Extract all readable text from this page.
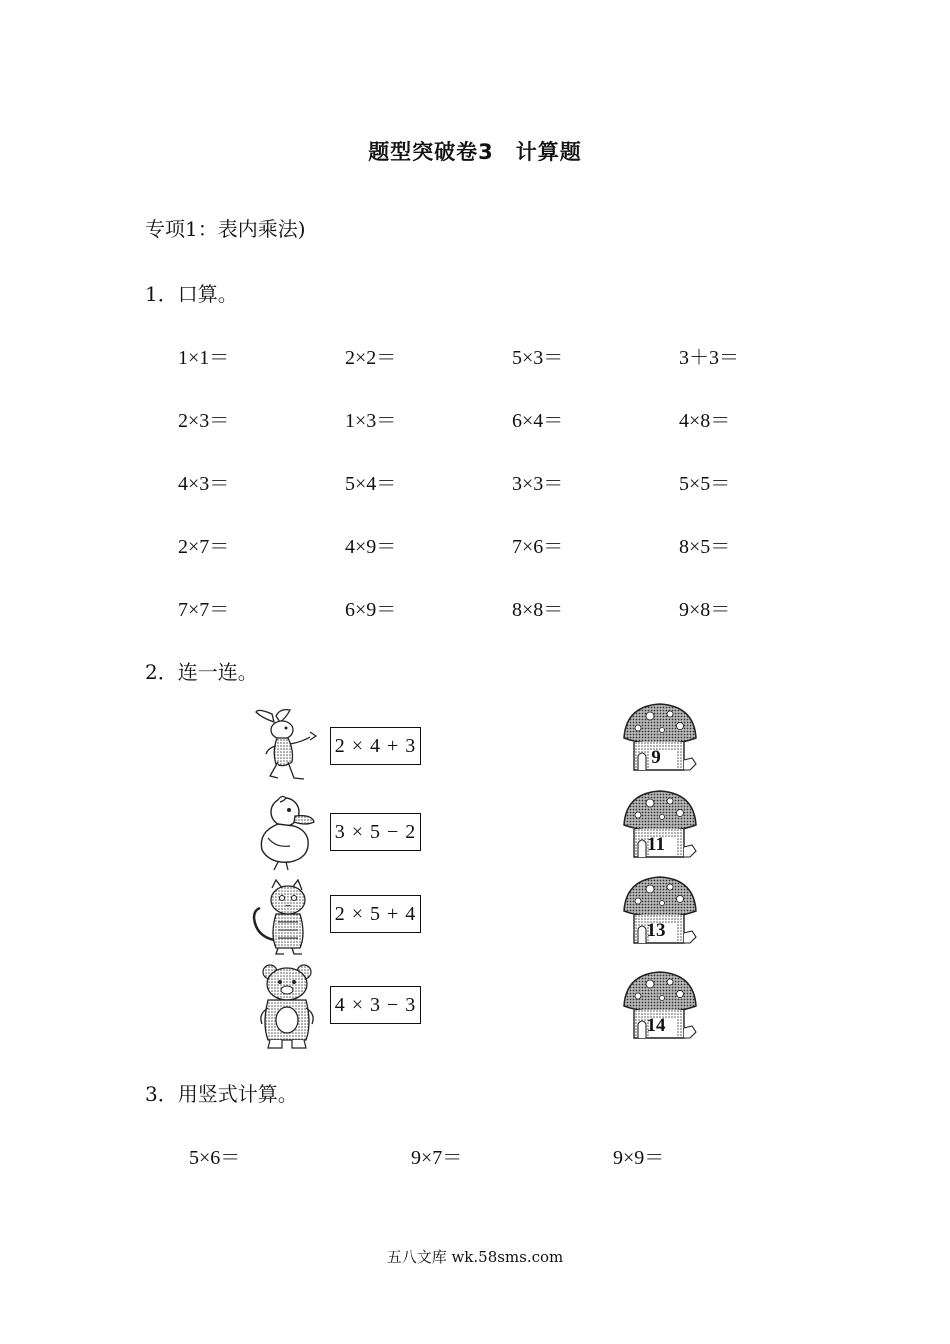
题型突破卷3　计算题
专项1：表内乘法)
1．口算。
1×1＝	2×2＝	5×3＝	3＋3＝
2×3＝	1×3＝	6×4＝	4×8＝
4×3＝	5×4＝	3×3＝	5×5＝
2×7＝	4×9＝	7×6＝	8×5＝
7×7＝	6×9＝	8×8＝	9×8＝
2．连一连。
2 × 4 + 3
3 × 5 − 2
2 × 5 + 4
4 × 3 − 3
9
11
13
14
3．用竖式计算。
5×6＝	9×7＝	9×9＝
五八文库 wk.58sms.com
